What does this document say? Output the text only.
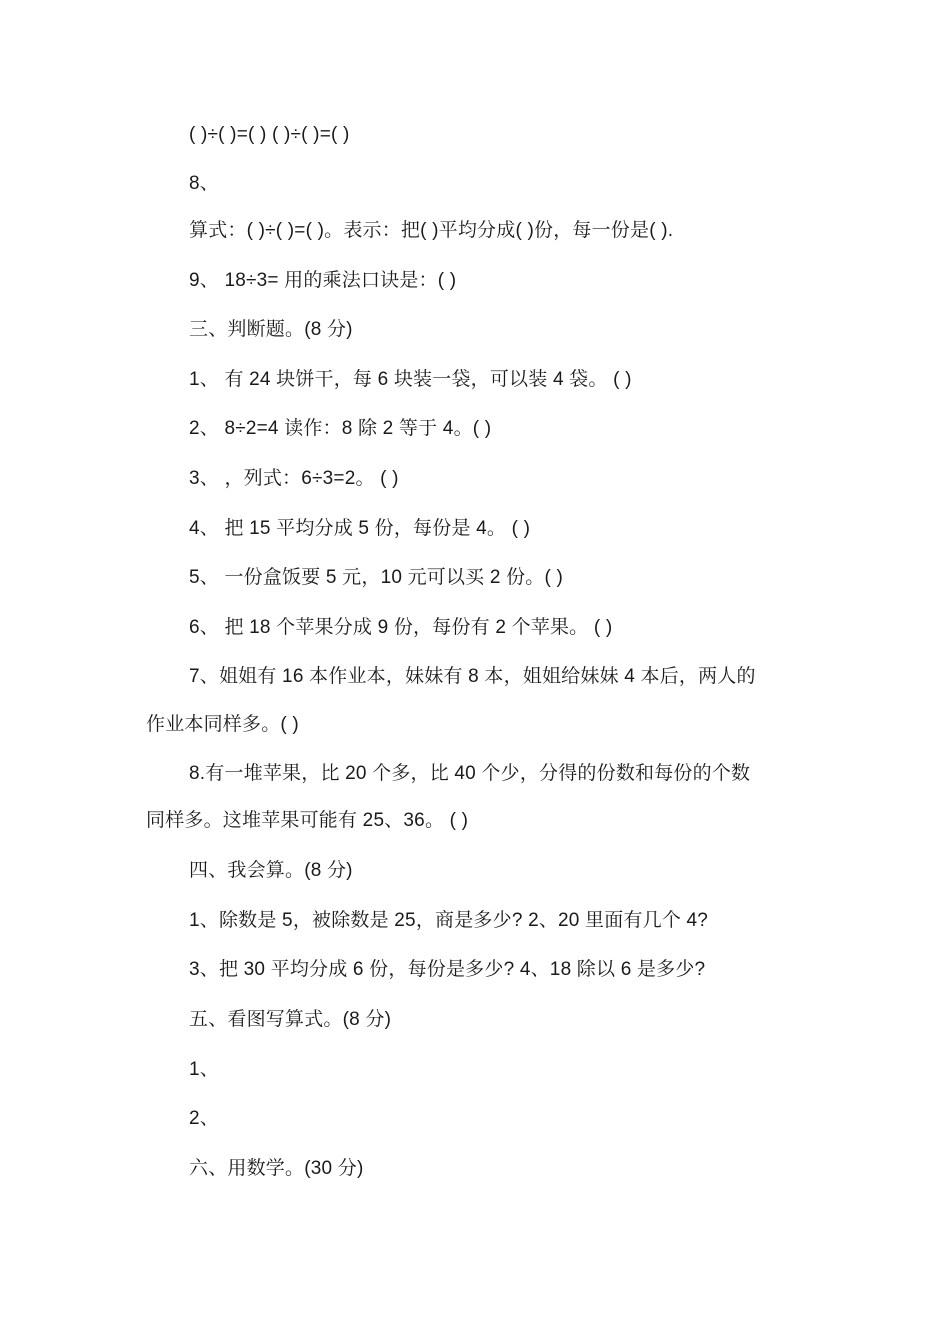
( )÷( )=( ) ( )÷( )=( )
8、
算式：( )÷( )=( )。表示：把( )平均分成( )份，每一份是( ).
9、 18÷3= 用的乘法口诀是：( )
三、判断题。(8 分)
1、 有 24 块饼干，每 6 块装一袋，可以装 4 袋。 ( )
2、 8÷2=4 读作：8 除 2 等于 4。( )
3、 ，列式：6÷3=2。 ( )
4、 把 15 平均分成 5 份，每份是 4。 ( )
5、 一份盒饭要 5 元，10 元可以买 2 份。( )
6、 把 18 个苹果分成 9 份，每份有 2 个苹果。 ( )
7、姐姐有 16 本作业本，妹妹有 8 本，姐姐给妹妹 4 本后，两人的
作业本同样多。( )
8.有一堆苹果，比 20 个多，比 40 个少，分得的份数和每份的个数
同样多。这堆苹果可能有 25、36。 ( )
四、我会算。(8 分)
1、除数是 5，被除数是 25，商是多少? 2、20 里面有几个 4?
3、把 30 平均分成 6 份，每份是多少? 4、18 除以 6 是多少?
五、看图写算式。(8 分)
1、
2、
六、用数学。(30 分)
